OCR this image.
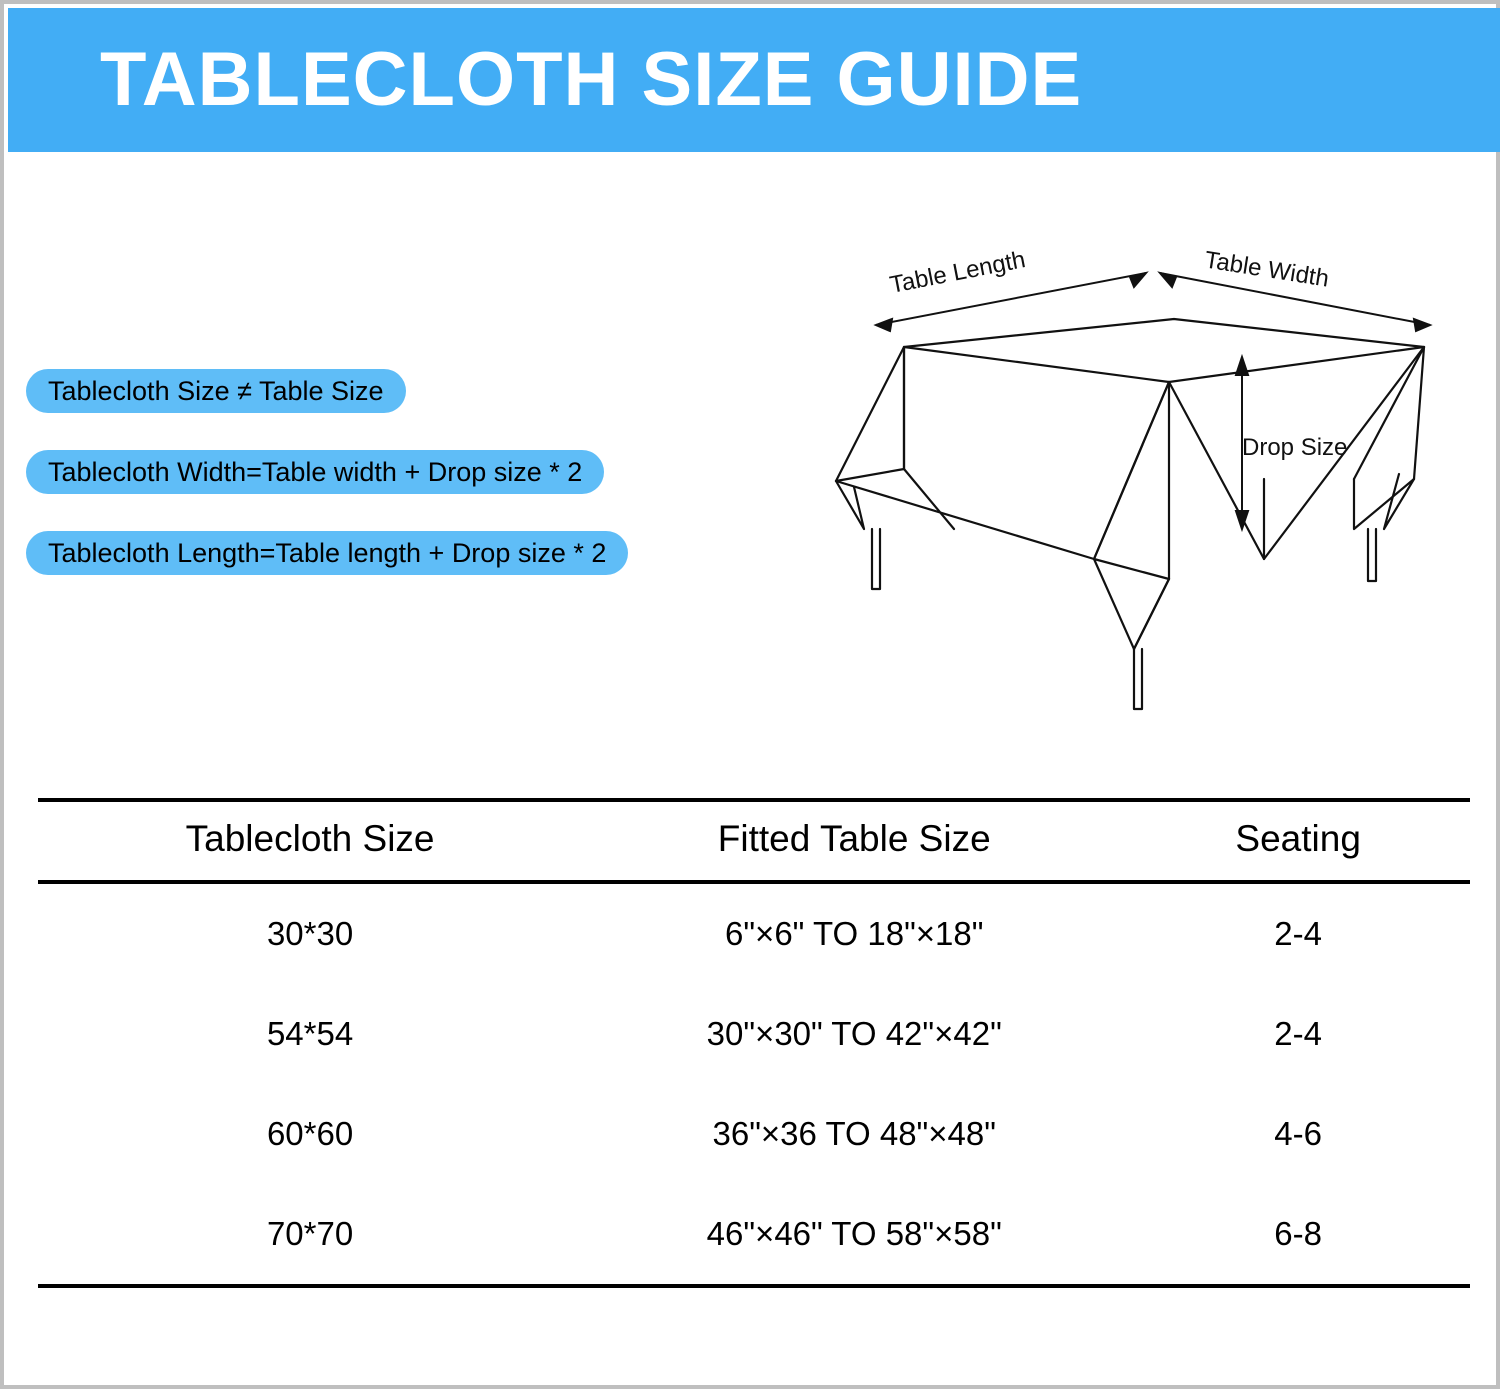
TABLECLOTH SIZE GUIDE
Tablecloth Size ≠ Table Size
Tablecloth Width=Table width + Drop size * 2
Tablecloth Length=Table length + Drop size * 2
Table Length	Table Width
Drop Size
Tablecloth Size	Fitted Table Size	Seating
30*30	6"×6" TO 18"×18"	2-4
54*54	30"×30" TO 42"×42"	2-4
60*60	36"×36 TO 48"×48"	4-6
70*70	46"×46" TO 58"×58"	6-8
